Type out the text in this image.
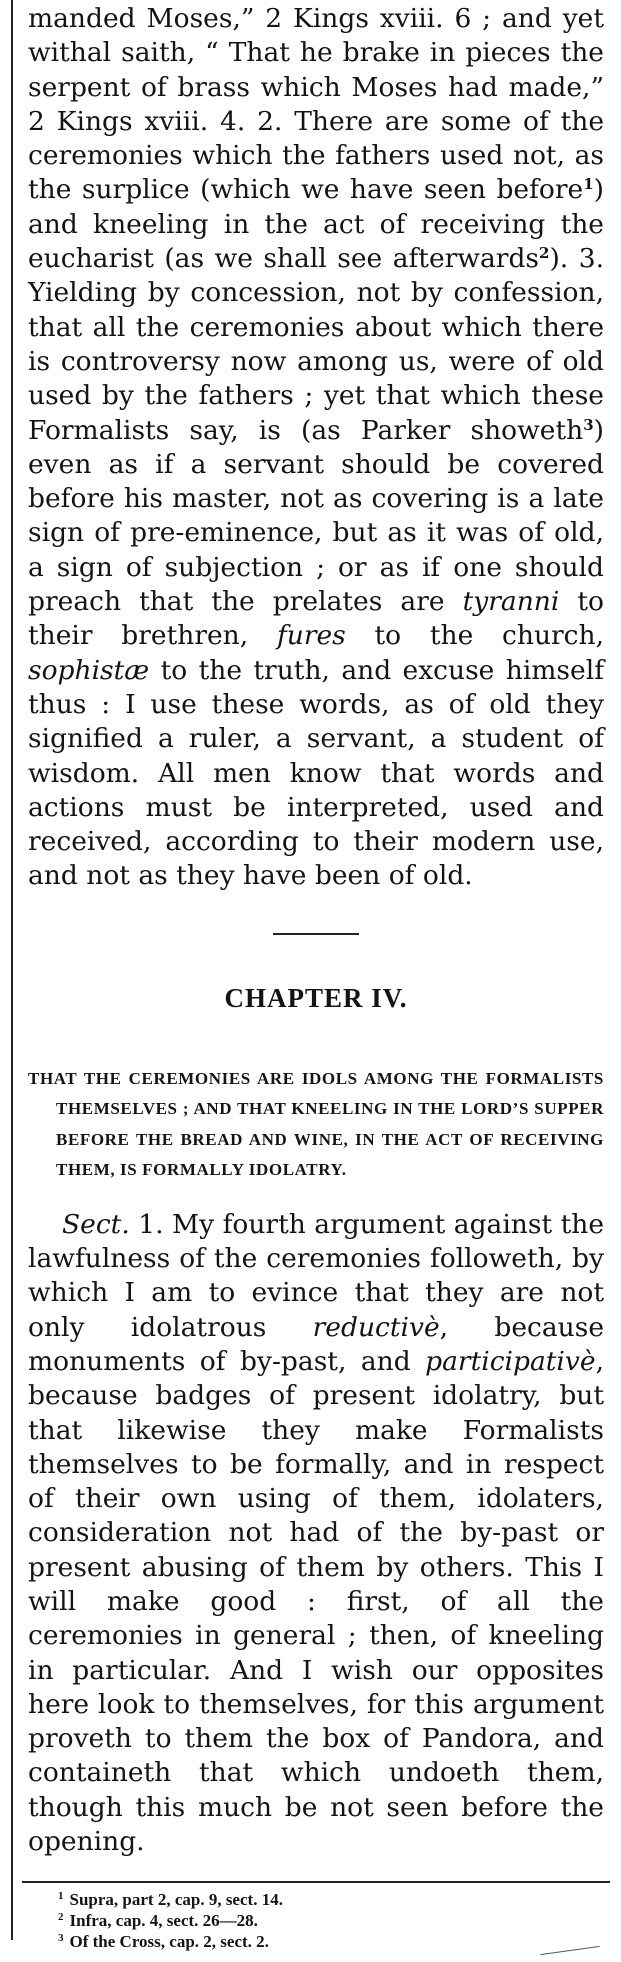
manded Moses,” 2 Kings xviii. 6 ; and yet withal saith, “ That he brake in pieces the serpent of brass which Moses had made,” 2 Kings xviii. 4. 2. There are some of the ceremonies which the fathers used not, as the surplice (which we have seen before$^1$) and kneeling in the act of receiving the eucharist (as we shall see afterwards$^2$). 3. Yielding by concession, not by confession, that all the ceremonies about which there is controversy now among us, were of old used by the fathers ; yet that which these Formalists say, is (as Parker showeth$^3$) even as if a servant should be covered before his master, not as covering is a late sign of pre-eminence, but as it was of old, a sign of subjection ; or as if one should preach that the prelates are tyranni to their brethren, fures to the church, sophistæ to the truth, and excuse himself thus : I use these words, as of old they signified a ruler, a servant, a student of wisdom. All men know that words and actions must be interpreted, used and received, according to their modern use, and not as they have been of old.

CHAPTER IV.

THAT THE CEREMONIES ARE IDOLS AMONG THE FORMALISTS THEMSELVES ; AND THAT KNEELING IN THE LORD’S SUPPER BEFORE THE BREAD AND WINE, IN THE ACT OF RECEIVING THEM, IS FORMALLY IDOLATRY.

Sect. 1. My fourth argument against the lawfulness of the ceremonies followeth, by which I am to evince that they are not only idolatrous reductivè, because monuments of by-past, and participativè, because badges of present idolatry, but that likewise they make Formalists themselves to be formally, and in respect of their own using of them, idolaters, consideration not had of the by-past or present abusing of them by others. This I will make good : first, of all the ceremonies in general ; then, of kneeling in particular. And I wish our opposites here look to themselves, for this argument proveth to them the box of Pandora, and containeth that which undoeth them, though this much be not seen before the opening.

$^1$ Supra, part 2, cap. 9, sect. 14.
$^2$ Infra, cap. 4, sect. 26—28.
$^3$ Of the Cross, cap. 2, sect. 2.
